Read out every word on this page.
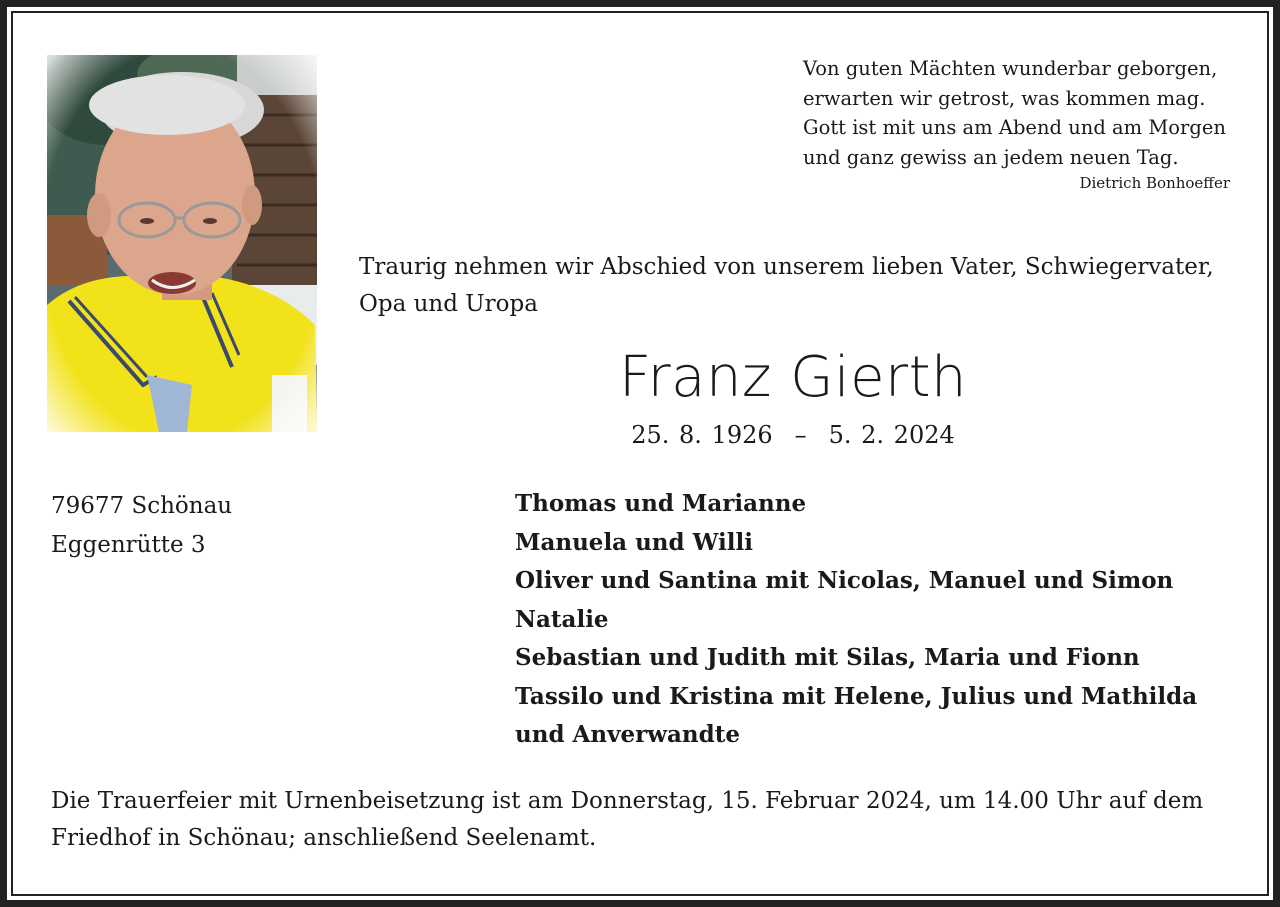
Von guten Mächten wunderbar geborgen,
erwarten wir getrost, was kommen mag.
Gott ist mit uns am Abend und am Morgen
und ganz gewiss an jedem neuen Tag.
Dietrich Bonhoeffer
Traurig nehmen wir Abschied von unserem lieben Vater, Schwiegervater,
Opa und Uropa
Franz Gierth
25. 8. 1926 – 5. 2. 2024
79677 Schönau
Eggenrütte 3
Thomas und Marianne
Manuela und Willi
Oliver und Santina mit Nicolas, Manuel und Simon
Natalie
Sebastian und Judith mit Silas, Maria und Fionn
Tassilo und Kristina mit Helene, Julius und Mathilda
und Anverwandte
Die Trauerfeier mit Urnenbeisetzung ist am Donnerstag, 15. Februar 2024, um 14.00 Uhr auf dem
Friedhof in Schönau; anschließend Seelenamt.
